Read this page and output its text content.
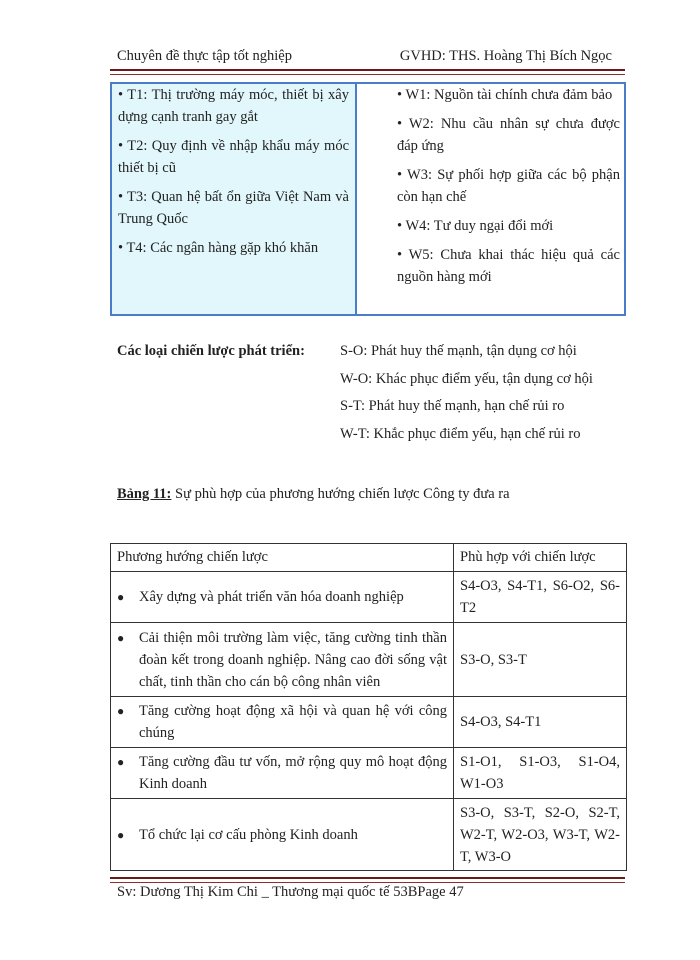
Chuyên đề thực tập tốt nghiệp	GVHD: THS. Hoàng Thị Bích Ngọc

• T1: Thị trường máy móc, thiết bị xây dựng cạnh tranh gay gắt

• T2: Quy định về nhập khẩu máy móc thiết bị cũ

• T3: Quan hệ bất ổn giữa Việt Nam và Trung Quốc

• T4: Các ngân hàng gặp khó khăn

• W1: Nguồn tài chính chưa đảm bảo

• W2: Nhu cầu nhân sự chưa được đáp ứng

• W3: Sự phối hợp giữa các bộ phận còn hạn chế

• W4: Tư duy ngại đổi mới

• W5: Chưa khai thác hiệu quả các nguồn hàng mới

Các loại chiến lược phát triển: S-O: Phát huy thế mạnh, tận dụng cơ hội
W-O: Khác phục điểm yếu, tận dụng cơ hội
S-T: Phát huy thế mạnh, hạn chế rủi ro
W-T: Khắc phục điểm yếu, hạn chế rủi ro
Bảng 11: Sự phù hợp của phương hướng chiến lược Công ty đưa ra
Phương hướng chiến lược	Phù hợp với chiến lược

● Xây dựng và phát triển văn hóa doanh nghiệp	S4-O3, S4-T1, S6-O2, S6-T2

● Cải thiện môi trường làm việc, tăng cường tinh thần đoàn kết trong doanh nghiệp. Nâng cao đời sống vật chất, tinh thần cho cán bộ công nhân viên	S3-O, S3-T

● Tăng cường hoạt động xã hội và quan hệ với công chúng	S4-O3, S4-T1

● Tăng cường đầu tư vốn, mở rộng quy mô hoạt động Kinh doanh	S1-O1, S1-O3, S1-O4, W1-O3

● Tổ chức lại cơ cấu phòng Kinh doanh	S3-O, S3-T, S2-O, S2-T, W2-T, W2-O3, W3-T, W2-T, W3-O
Sv: Dương Thị Kim Chi _ Thương mại quốc tế 53BPage 47
